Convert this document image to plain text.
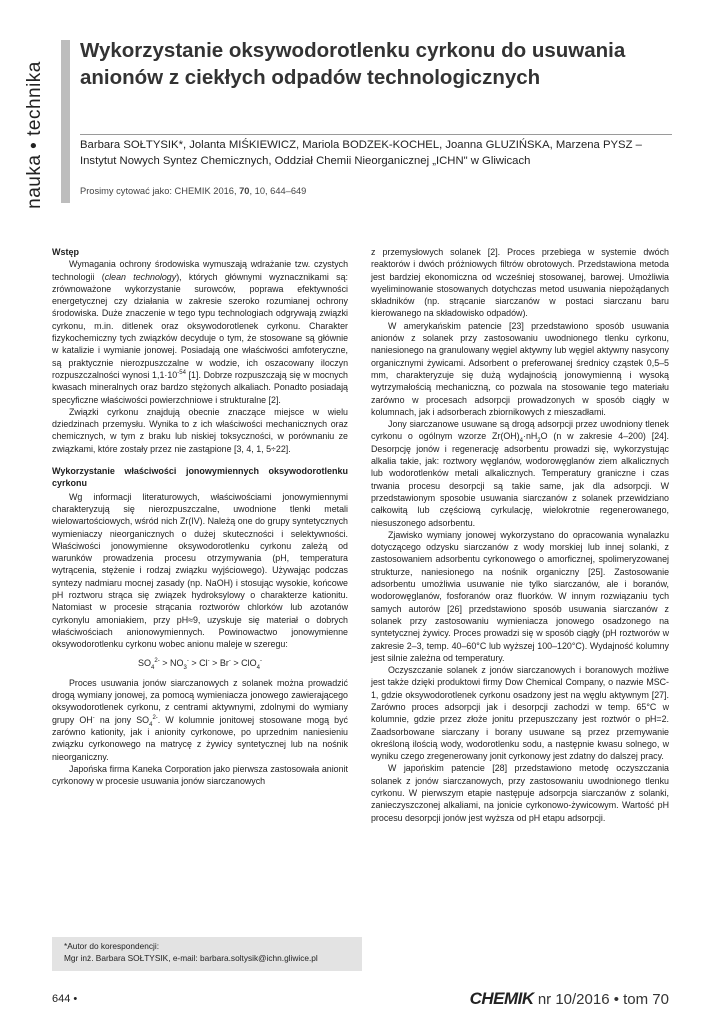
nauka • technika
Wykorzystanie oksywodorotlenku cyrkonu do usuwania anionów z ciekłych odpadów technologicznych

Barbara SOŁTYSIK*, Jolanta MIŚKIEWICZ, Mariola BODZEK-KOCHEL, Joanna GLUZIŃSKA, Marzena PYSZ – Instytut Nowych Syntez Chemicznych, Oddział Chemii Nieorganicznej „ICHN" w Gliwicach

Prosimy cytować jako: CHEMIK 2016, 70, 10, 644–649
Wstęp

Wymagania ochrony środowiska wymuszają wdrażanie tzw. czystych technologii (clean technology), których głównymi wyznacznikami są: zrównoważone wykorzystanie surowców, poprawa efektywności energetycznej czy działania w zakresie szeroko rozumianej ochrony środowiska. Duże znaczenie w tego typu technologiach odgrywają związki cyrkonu, m.in. ditlenek oraz oksywodorotlenek cyrkonu. Charakter fizykochemiczny tych związków decyduje o tym, że stosowane są głównie w katalizie i wymianie jonowej. Posiadają one właściwości amfoteryczne, są praktycznie nierozpuszczalne w wodzie, ich oszacowany iloczyn rozpuszczalności wynosi $1,1\cdot 10^{-54}$ [1]. Dobrze rozpuszczają się w mocnych kwasach mineralnych oraz bardzo stężonych alkaliach. Ponadto posiadają specyficzne właściwości powierzchniowe i strukturalne [2].

Związki cyrkonu znajdują obecnie znaczące miejsce w wielu dziedzinach przemysłu. Wynika to z ich właściwości mechanicznych oraz chemicznych, w tym z braku lub niskiej toksyczności, w porównaniu ze związkami, które zostały przez nie zastąpione [3, 4, 1, 5÷22].

Wykorzystanie właściwości jonowymiennych oksywodorotlenku cyrkonu

Wg informacji literaturowych, właściwościami jonowymiennymi charakteryzują się nierozpuszczalne, uwodnione tlenki metali wielowartościowych, wśród nich Zr(IV). Należą one do grupy syntetycznych wymieniaczy nieorganicznych o dużej skuteczności i selektywności. Właściwości jonowymienne oksywodorotlenku cyrkonu zależą od warunków prowadzenia procesu otrzymywania (pH, temperatura wytrącenia, stężenie i rodzaj związku wyjściowego). Używając podczas syntezy nadmiaru mocnej zasady (np. NaOH) i stosując wysokie, końcowe pH roztworu strąca się związek hydroksylowy o charakterze kationitu. Natomiast w procesie strącania roztworów chlorków lub azotanów cyrkonylu amoniakiem, przy pH≈9, uzyskuje się materiał o dobrych właściwościach anionowymiennych. Powinowactwo jonowymienne oksywodorotlenku cyrkonu wobec anionu maleje w szeregu:

$SO_4^{2-} > NO_3^- > Cl^- > Br^- > ClO_4^-$

Proces usuwania jonów siarczanowych z solanek można prowadzić drogą wymiany jonowej, za pomocą wymieniacza jonowego zawierającego oksywodorotlenek cyrkonu, z centrami aktywnymi, zdolnymi do wymiany grupy OH- na jony $SO_4^{2-}$. W kolumnie jonitowej stosowane mogą być zarówno kationity, jak i anionity cyrkonowe, po uprzednim naniesieniu związku cyrkonowego na matrycę z żywicy syntetycznej lub na nośnik nieorganiczny.

Japońska firma Kaneka Corporation jako pierwsza zastosowała anionit cyrkonowy w procesie usuwania jonów siarczanowych

z przemysłowych solanek [2]. Proces przebiega w systemie dwóch reaktorów i dwóch próżniowych filtrów obrotowych. Przedstawiona metoda jest bardziej ekonomiczna od wcześniej stosowanej, barowej. Umożliwia wyeliminowanie stosowanych dotychczas metod usuwania niepożądanych składników (np. strącanie siarczanów w postaci siarczanu baru kierowanego na składowisko odpadów).

W amerykańskim patencie [23] przedstawiono sposób usuwania anionów z solanek przy zastosowaniu uwodnionego tlenku cyrkonu, naniesionego na granulowany węgiel aktywny lub węgiel aktywny nasycony organicznymi żywicami. Adsorbent o preferowanej średnicy cząstek 0,5–5 mm, charakteryzuje się dużą wydajnością jonowymienną i wysoką wytrzymałością mechaniczną, co pozwala na stosowanie tego materiału zarówno w procesach adsorpcji prowadzonych w sposób ciągły w kolumnach, jak i adsorberach zbiornikowych z mieszadłami.

Jony siarczanowe usuwane są drogą adsorpcji przez uwodniony tlenek cyrkonu o ogólnym wzorze $Zr(OH)_4\cdot nH_2O$ (n w zakresie 4–200) [24]. Desorpcję jonów i regenerację adsorbentu prowadzi się, wykorzystując alkalia takie, jak: roztwory węglanów, wodorowęglanów ziem alkalicznych lub wodorotlenków metali alkalicznych. Temperatury graniczne i czas trwania procesu desorpcji są takie same, jak dla adsorpcji. W przedstawionym sposobie usuwania siarczanów z solanek przewidziano całkowitą lub częściową cyrkulację, wielokrotnie regenerowanego, niesuszonego adsorbentu.

Zjawisko wymiany jonowej wykorzystano do opracowania wynalazku dotyczącego odzysku siarczanów z wody morskiej lub innej solanki, z zastosowaniem adsorbentu cyrkonowego o amorficznej, spolimeryzowanej strukturze, naniesionego na nośnik organiczny [25]. Zastosowanie adsorbentu umożliwia usuwanie nie tylko siarczanów, ale i boranów, wodorowęglanów, fosforanów oraz fluorków. W innym rozwiązaniu tych samych autorów [26] przedstawiono sposób usuwania siarczanów z solanek przy zastosowaniu wymieniacza jonowego osadzonego na syntetycznej żywicy. Proces prowadzi się w sposób ciągły (pH roztworów w zakresie 2–3, temp. 40–60°C lub wyższej 100–120°C). Wydajność kolumny jest silnie zależna od temperatury.

Oczyszczanie solanek z jonów siarczanowych i boranowych możliwe jest także dzięki produktowi firmy Dow Chemical Company, o nazwie MSC-1, gdzie oksywodorotlenek cyrkonu osadzony jest na węglu aktywnym [27]. Zarówno proces adsorpcji jak i desorpcji zachodzi w temp. 65°C w kolumnie, gdzie przez złoże jonitu przepuszczany jest roztwór o pH=2. Zaadsorbowane siarczany i borany usuwane są przez przemywanie określoną ilością wody, wodorotlenku sodu, a następnie kwasu solnego, w wyniku czego zregenerowany jonit cyrkonowy jest zdatny do dalszej pracy.

W japońskim patencie [28] przedstawiono metodę oczyszczania solanek z jonów siarczanowych, przy zastosowaniu uwodnionego tlenku cyrkonu. W pierwszym etapie następuje adsorpcja siarczanów z solanki, zanieczyszczonej alkaliami, na jonicie cyrkonowo-żywicowym. Wartość pH procesu desorpcji jonów jest wyższa od pH etapu adsorpcji.

*Autor do korespondencji:
Mgr inż. Barbara SOŁTYSIK, e-mail: barbara.soltysik@ichn.gliwice.pl
644 •	CHEMIK nr 10/2016 • tom 70
